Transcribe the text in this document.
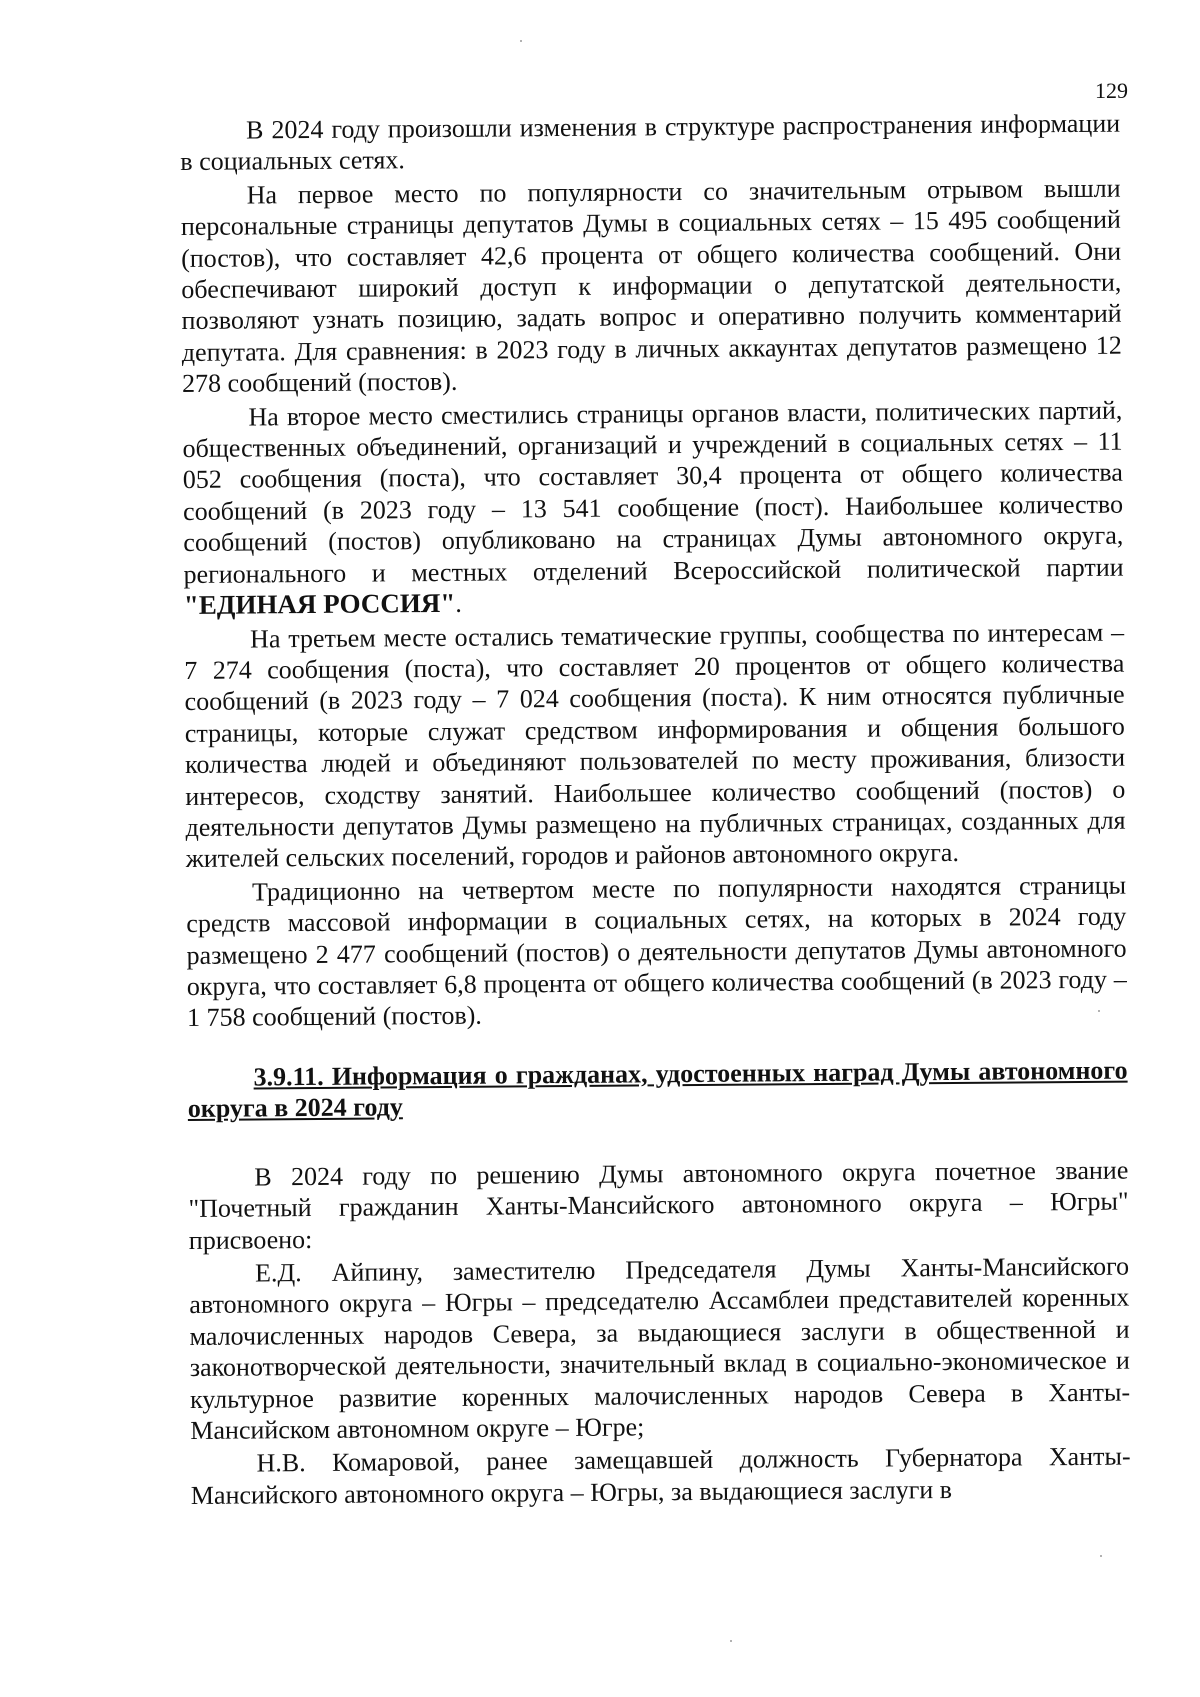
129

В 2024 году произошли изменения в структуре распространения информации в социальных сетях.

На первое место по популярности со значительным отрывом вышли персональные страницы депутатов Думы в социальных сетях – 15 495 сообщений (постов), что составляет 42,6 процента от общего количества сообщений. Они обеспечивают широкий доступ к информации о депутатской деятельности, позволяют узнать позицию, задать вопрос и оперативно получить комментарий депутата. Для сравнения: в 2023 году в личных аккаунтах депутатов размещено 12 278 сообщений (постов).

На второе место сместились страницы органов власти, политических партий, общественных объединений, организаций и учреждений в социальных сетях – 11 052 сообщения (поста), что составляет 30,4 процента от общего количества сообщений (в 2023 году – 13 541 сообщение (пост). Наибольшее количество сообщений (постов) опубликовано на страницах Думы автономного округа, регионального и местных отделений Всероссийской политической партии "ЕДИНАЯ РОССИЯ".

На третьем месте остались тематические группы, сообщества по интересам – 7 274 сообщения (поста), что составляет 20 процентов от общего количества сообщений (в 2023 году – 7 024 сообщения (поста). К ним относятся публичные страницы, которые служат средством информирования и общения большого количества людей и объединяют пользователей по месту проживания, близости интересов, сходству занятий. Наибольшее количество сообщений (постов) о деятельности депутатов Думы размещено на публичных страницах, созданных для жителей сельских поселений, городов и районов автономного округа.

Традиционно на четвертом месте по популярности находятся страницы средств массовой информации в социальных сетях, на которых в 2024 году размещено 2 477 сообщений (постов) о деятельности депутатов Думы автономного округа, что составляет 6,8 процента от общего количества сообщений (в 2023 году – 1 758 сообщений (постов).

3.9.11. Информация о гражданах, удостоенных наград Думы автономного округа в 2024 году

В 2024 году по решению Думы автономного округа почетное звание "Почетный гражданин Ханты-Мансийского автономного округа – Югры" присвоено:

Е.Д. Айпину, заместителю Председателя Думы Ханты-Мансийского автономного округа – Югры – председателю Ассамблеи представителей коренных малочисленных народов Севера, за выдающиеся заслуги в общественной и законотворческой деятельности, значительный вклад в социально-экономическое и культурное развитие коренных малочисленных народов Севера в Ханты-Мансийском автономном округе – Югре;

Н.В. Комаровой, ранее замещавшей должность Губернатора Ханты-Мансийского автономного округа – Югры, за выдающиеся заслуги в
